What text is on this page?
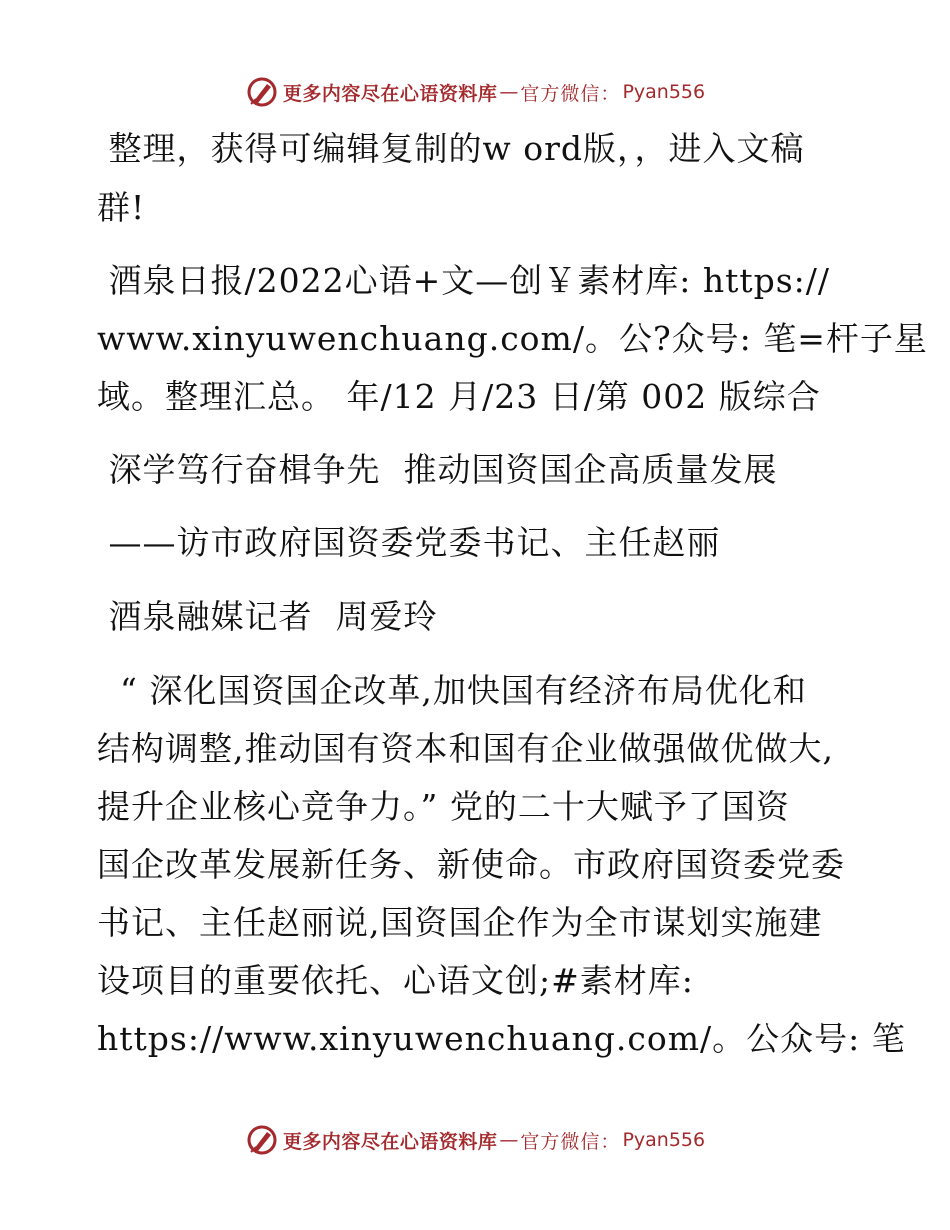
更多内容尽在心语资料库 — 官方微信： Pyan556
整理，获得可编辑复制的w ord版，，进入文稿
群!
酒泉日报/2022心语+文—创￥素材库: https://
www.xinyuwenchuang.com/。公?众号: 笔=杆子星
域。整理汇总。 年/12 月/23 日/第 002 版综合
深学笃行奋楫争先  推动国资国企高质量发展
——访市政府国资委党委书记、主任赵丽
酒泉融媒记者  周爱玲
“ 深化国资国企改革,加快国有经济布局优化和
结构调整,推动国有资本和国有企业做强做优做大,
提升企业核心竞争力。” 党的二十大赋予了国资
国企改革发展新任务、新使命。市政府国资委党委
书记、主任赵丽说,国资国企作为全市谋划实施建
设项目的重要依托、心语文创;#素材库:
https://www.xinyuwenchuang.com/。公众号: 笔
更多内容尽在心语资料库 — 官方微信： Pyan556
